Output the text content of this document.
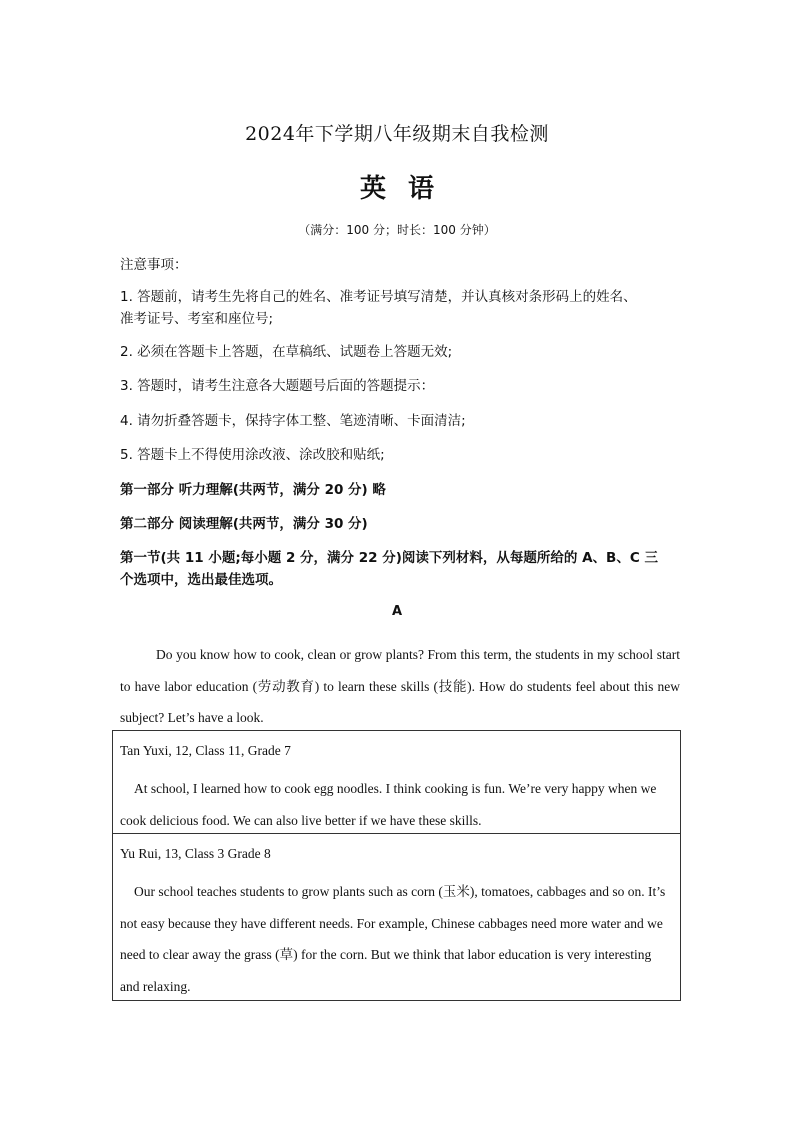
2024年下学期八年级期末自我检测
英语
（满分：100 分；时长：100 分钟）
注意事项：
1. 答题前，请考生先将自己的姓名、准考证号填写清楚，并认真核对条形码上的姓名、
准考证号、考室和座位号;
2. 必须在答题卡上答题，在草稿纸、试题卷上答题无效;
3. 答题时，请考生注意各大题题号后面的答题提示：
4. 请勿折叠答题卡，保持字体工整、笔迹清晰、卡面清洁;
5. 答题卡上不得使用涂改液、涂改胶和贴纸;
第一部分 听力理解(共两节，满分 20 分) 略
第二部分 阅读理解(共两节，满分 30 分)
第一节(共 11 小题;每小题 2 分，满分 22 分)阅读下列材料，从每题所给的 A、B、C 三
个选项中，选出最佳选项。
A
Do you know how to cook, clean or grow plants? From this term, the students in my school start to have labor education (劳动教育) to learn these skills (技能). How do students feel about this new subject? Let’s have a look.
Tan Yuxi, 12, Class 11, Grade 7
At school, I learned how to cook egg noodles. I think cooking is fun. We’re very happy when we cook delicious food. We can also live better if we have these skills.
Yu Rui, 13, Class 3 Grade 8
Our school teaches students to grow plants such as corn (玉米), tomatoes, cabbages and so on. It’s not easy because they have different needs. For example, Chinese cabbages need more water and we need to clear away the grass (草) for the corn. But we think that labor education is very interesting and relaxing.
